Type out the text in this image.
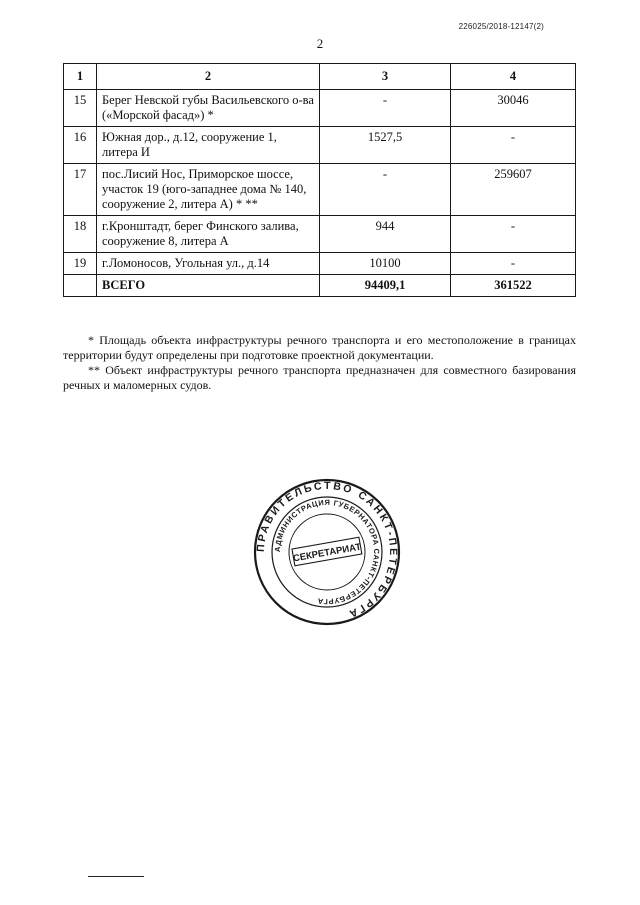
226025/2018-12147(2)
2
1	2	3	4
15	Берег Невской губы Васильевского о-ва («Морской фасад») *	-	30046
16	Южная дор., д.12, сооружение 1, литера И	1527,5	-
17	пос.Лисий Нос, Приморское шоссе, участок 19 (юго-западнее дома № 140, сооружение 2, литера А) * **	-	259607
18	г.Кронштадт, берег Финского залива, сооружение 8, литера А	944	-
19	г.Ломоносов, Угольная ул., д.14	10100	-
	ВСЕГО	94409,1	361522

* Площадь объекта инфраструктуры речного транспорта и его местоположение в границах территории будут определены при подготовке проектной документации.

** Объект инфраструктуры речного транспорта предназначен для совместного базирования речных и маломерных судов.

ПРАВИТЕЛЬСТВО САНКТ-ПЕТЕРБУРГА
АДМИНИСТРАЦИЯ ГУБЕРНАТОРА САНКТ-ПЕТЕРБУРГА
СЕКРЕТАРИАТ
